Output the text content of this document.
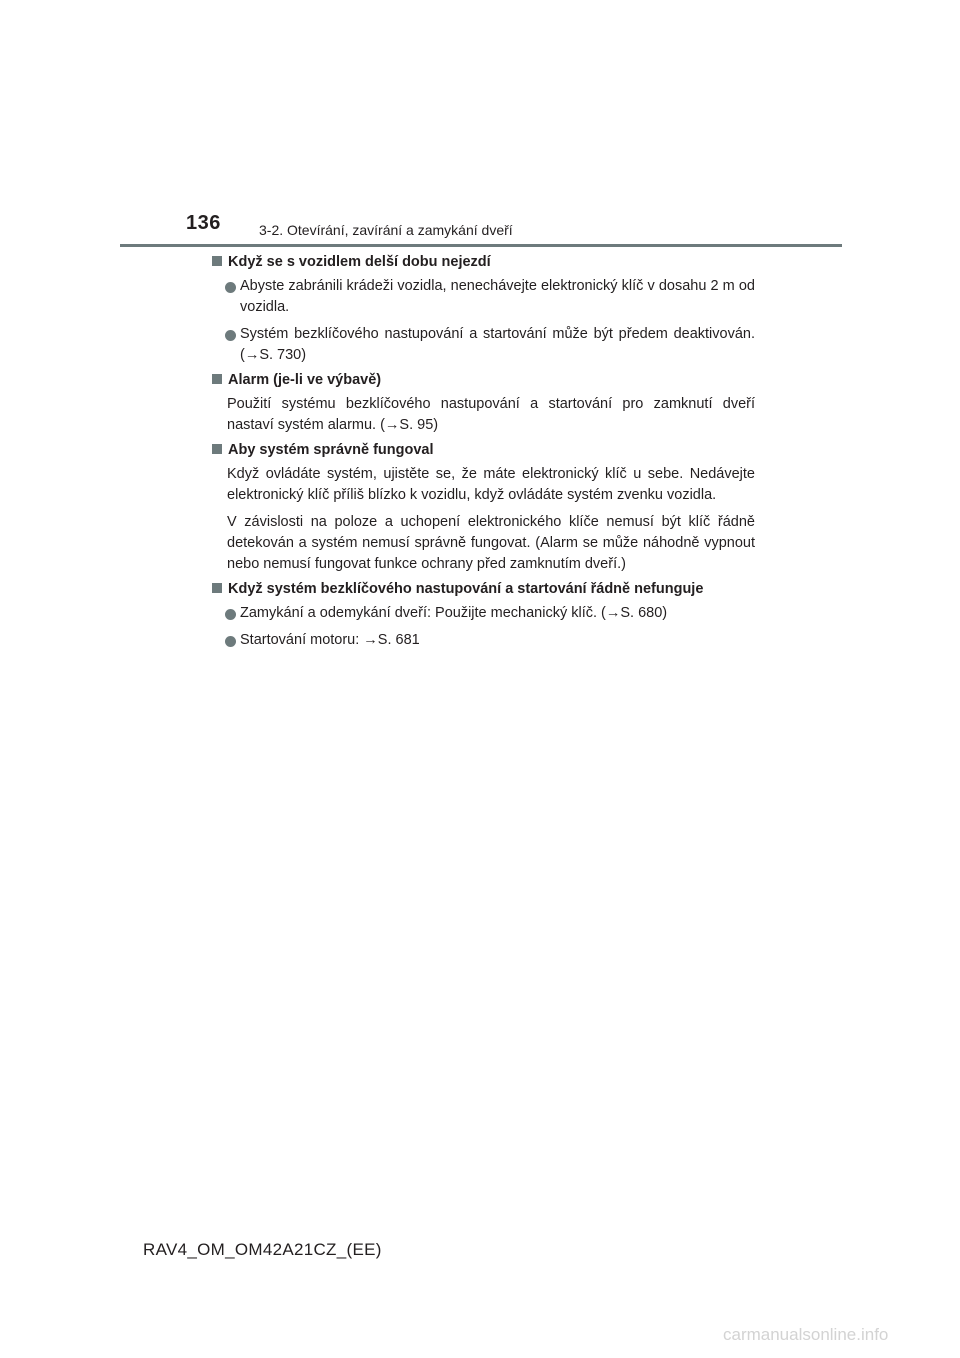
136	3-2. Otevírání, zavírání a zamykání dveří
Když se s vozidlem delší dobu nejezdí
Abyste zabránili krádeži vozidla, nenechávejte elektronický klíč v dosahu 2 m od vozidla.
Systém bezklíčového nastupování a startování může být předem deaktivován. (→S. 730)
Alarm (je-li ve výbavě)
Použití systému bezklíčového nastupování a startování pro zamknutí dveří nastaví systém alarmu. (→S. 95)
Aby systém správně fungoval
Když ovládáte systém, ujistěte se, že máte elektronický klíč u sebe. Nedávejte elektronický klíč příliš blízko k vozidlu, když ovládáte systém zvenku vozidla.
V závislosti na poloze a uchopení elektronického klíče nemusí být klíč řádně detekován a systém nemusí správně fungovat. (Alarm se může náhodně vypnout nebo nemusí fungovat funkce ochrany před zamknutím dveří.)
Když systém bezklíčového nastupování a startování řádně nefunguje
Zamykání a odemykání dveří: Použijte mechanický klíč. (→S. 680)
Startování motoru: →S. 681
RAV4_OM_OM42A21CZ_(EE)
carmanualsonline.info
